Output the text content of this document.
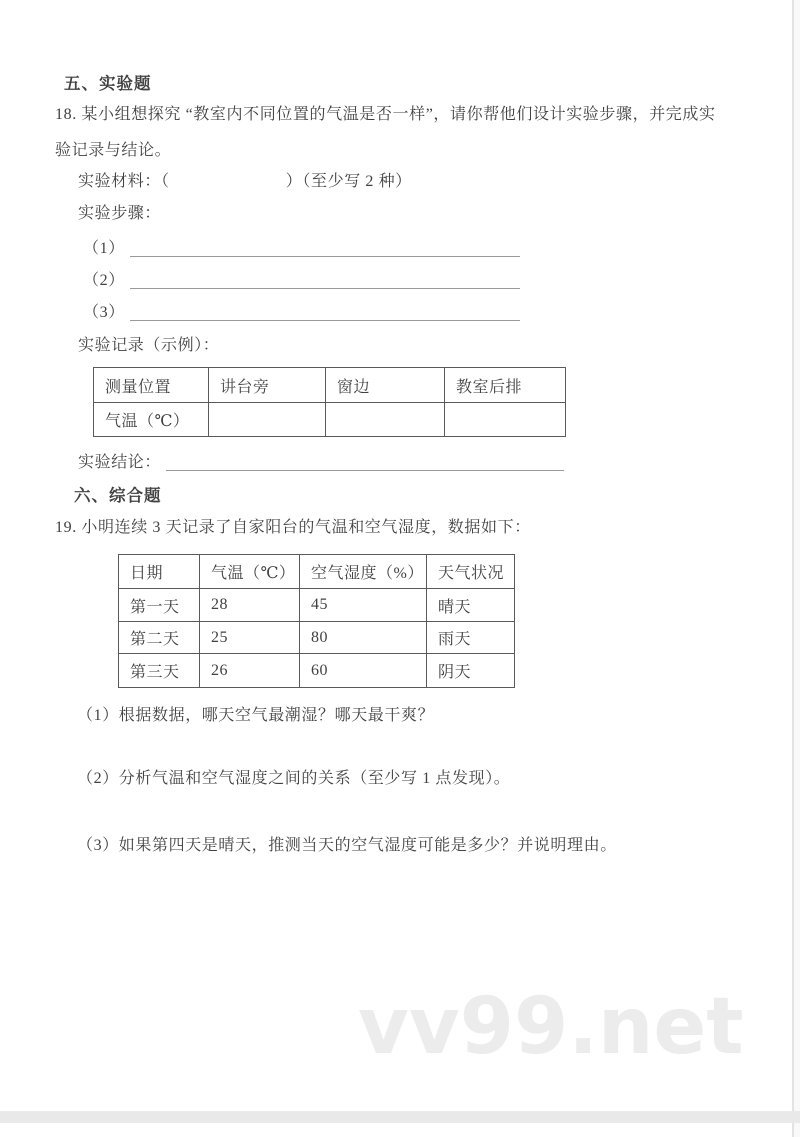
五、实验题
18. 某小组想探究 “教室内不同位置的气温是否一样”，请你帮他们设计实验步骤，并完成实
验记录与结论。
实验材料：（　　　　　　　）（至少写 2 种）
实验步骤：
（1）
（2）
（3）
实验记录（示例）：
测量位置	讲台旁	窗边	教室后排
气温（℃）			
实验结论：
六、综合题
19. 小明连续 3 天记录了自家阳台的气温和空气湿度，数据如下：
日期	气温（℃）	空气湿度（%）	天气状况
第一天	28	45	晴天
第二天	25	80	雨天
第三天	26	60	阴天
（1）根据数据，哪天空气最潮湿？哪天最干爽？
（2）分析气温和空气湿度之间的关系（至少写 1 点发现）。
（3）如果第四天是晴天，推测当天的空气湿度可能是多少？并说明理由。
vv99.net
